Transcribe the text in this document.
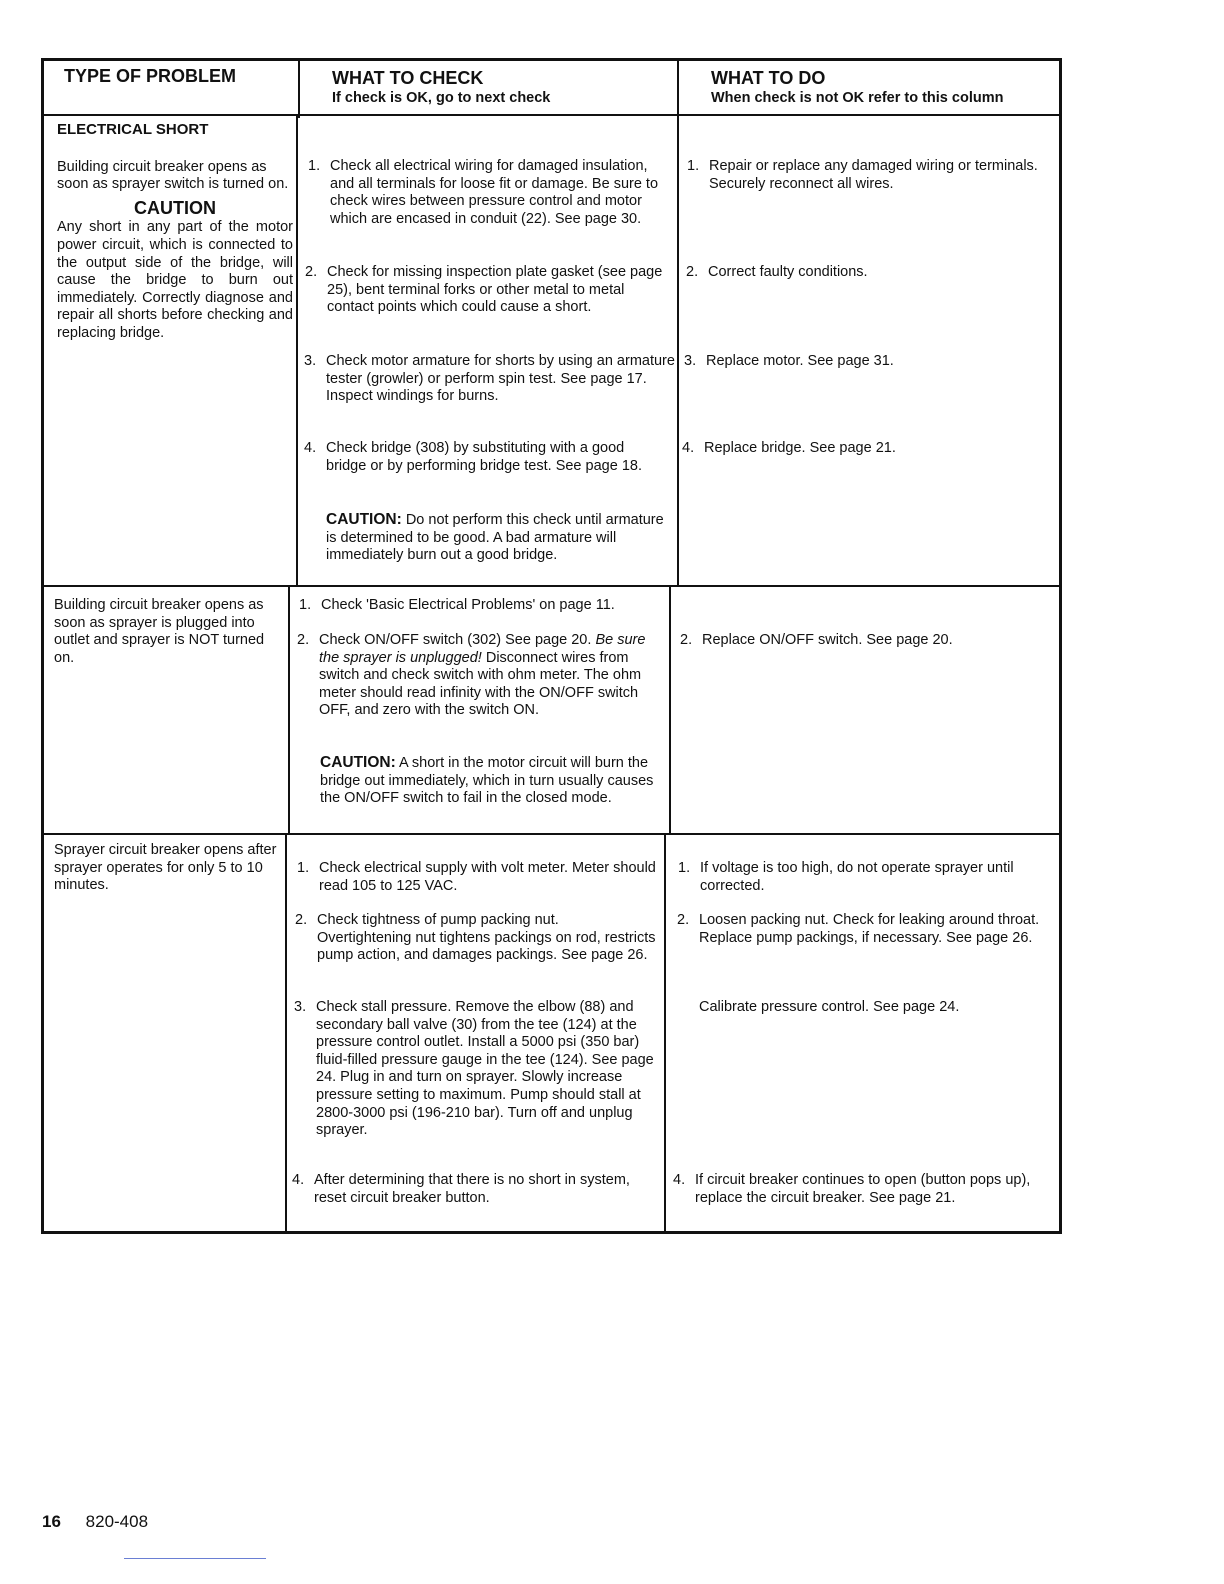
TYPE OF PROBLEM	WHAT TO CHECK
If check is OK, go to next check
WHAT TO DO
When check is not OK refer to this column
ELECTRICAL SHORT
Building circuit breaker opens as soon as sprayer switch is turned on.
CAUTION
Any short in any part of the motor power circuit, which is connected to the output side of the bridge, will cause the bridge to burn out immediately. Correctly diagnose and repair all shorts before checking and replacing bridge.
1. Check all electrical wiring for damaged insulation, and all terminals for loose fit or damage. Be sure to check wires between pressure control and motor which are encased in conduit (22). See page 30.
2. Check for missing inspection plate gasket (see page 25), bent terminal forks or other metal to metal contact points which could cause a short.
3. Check motor armature for shorts by using an armature tester (growler) or perform spin test. See page 17. Inspect windings for burns.
4. Check bridge (308) by substituting with a good bridge or by performing bridge test. See page 18.
CAUTION: Do not perform this check until armature is determined to be good. A bad armature will immediately burn out a good bridge.
1. Repair or replace any damaged wiring or terminals. Securely reconnect all wires.
2. Correct faulty conditions.
3. Replace motor. See page 31.
4. Replace bridge. See page 21.
Building circuit breaker opens as soon as sprayer is plugged into outlet and sprayer is NOT turned on.
1. Check 'Basic Electrical Problems' on page 11.
2. Check ON/OFF switch (302) See page 20. Be sure the sprayer is unplugged! Disconnect wires from switch and check switch with ohm meter. The ohm meter should read infinity with the ON/OFF switch OFF, and zero with the switch ON.
CAUTION: A short in the motor circuit will burn the bridge out immediately, which in turn usually causes the ON/OFF switch to fail in the closed mode.
2. Replace ON/OFF switch. See page 20.
Sprayer circuit breaker opens after sprayer operates for only 5 to 10 minutes.
1. Check electrical supply with volt meter. Meter should read 105 to 125 VAC.
2. Check tightness of pump packing nut. Overtightening nut tightens packings on rod, restricts pump action, and damages packings. See page 26.
3. Check stall pressure. Remove the elbow (88) and secondary ball valve (30) from the tee (124) at the pressure control outlet. Install a 5000 psi (350 bar) fluid-filled pressure gauge in the tee (124). See page 24. Plug in and turn on sprayer. Slowly increase pressure setting to maximum. Pump should stall at 2800-3000 psi (196-210 bar). Turn off and unplug sprayer.
4. After determining that there is no short in system, reset circuit breaker button.
1. If voltage is too high, do not operate sprayer until corrected.
2. Loosen packing nut. Check for leaking around throat. Replace pump packings, if necessary. See page 26.
Calibrate pressure control. See page 24.
4. If circuit breaker continues to open (button pops up), replace the circuit breaker. See page 21.
16 820-408
